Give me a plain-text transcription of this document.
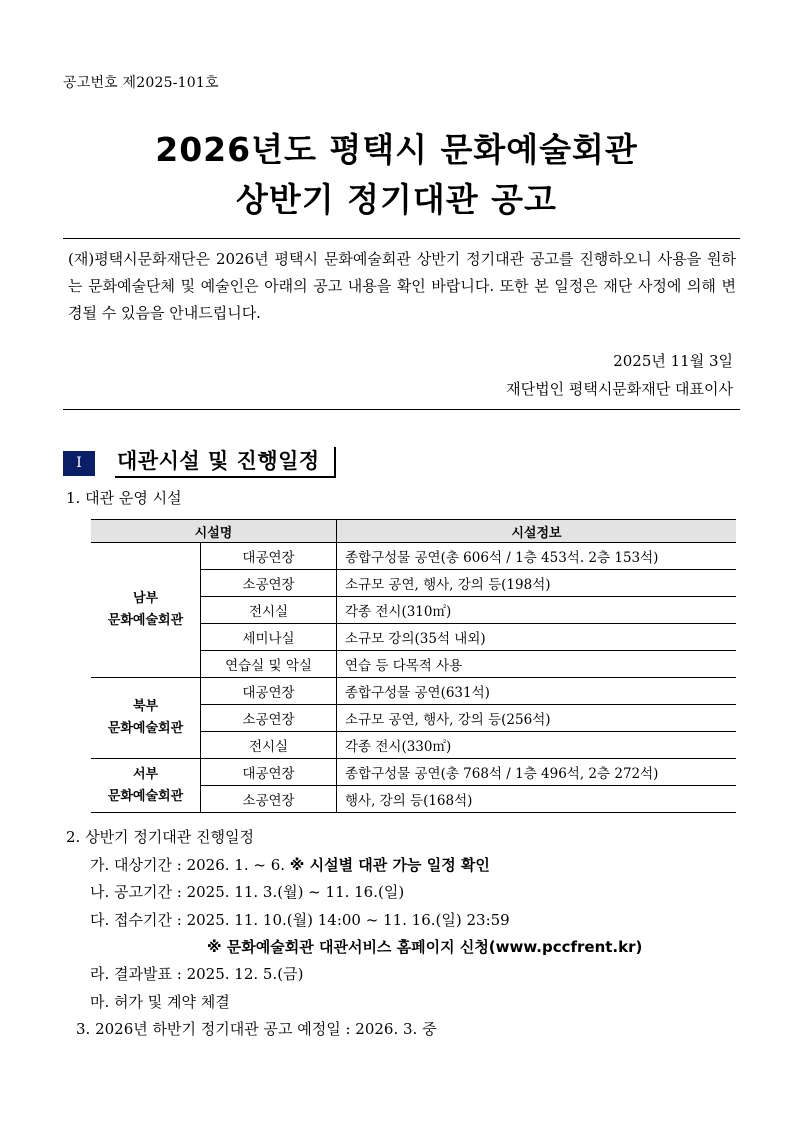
공고번호 제2025-101호
2026년도 평택시 문화예술회관
상반기 정기대관 공고
(재)평택시문화재단은 2026년 평택시 문화예술회관 상반기 정기대관 공고를 진행하오니 사용을 원하는 문화예술단체 및 예술인은 아래의 공고 내용을 확인 바랍니다. 또한 본 일정은 재단 사정에 의해 변경될 수 있음을 안내드립니다.
2025년 11월 3일
재단법인 평택시문화재단 대표이사
Ⅰ	대관시설 및 진행일정
1. 대관 운영 시설
시설명		시설정보

남부
문화예술회관	대공연장	종합구성물 공연(총 606석 / 1층 453석. 2층 153석)
	소공연장	소규모 공연, 행사, 강의 등(198석)
	전시실	각종 전시(310㎡)
	세미나실	소규모 강의(35석 내외)
	연습실 및 악실	연습 등 다목적 사용

북부
문화예술회관	대공연장	종합구성물 공연(631석)
	소공연장	소규모 공연, 행사, 강의 등(256석)
	전시실	각종 전시(330㎡)

서부
문화예술회관	대공연장	종합구성물 공연(총 768석 / 1층 496석, 2층 272석)
	소공연장	행사, 강의 등(168석)
2. 상반기 정기대관 진행일정
가. 대상기간 : 2026. 1. ~ 6. ※ 시설별 대관 가능 일정 확인
나. 공고기간 : 2025. 11. 3.(월) ~ 11. 16.(일)
다. 접수기간 : 2025. 11. 10.(월) 14:00 ~ 11. 16.(일) 23:59
※ 문화예술회관 대관서비스 홈페이지 신청(www.pccfrent.kr)
라. 결과발표 : 2025. 12. 5.(금)
마. 허가 및 계약 체결
3. 2026년 하반기 정기대관 공고 예정일 : 2026. 3. 중
